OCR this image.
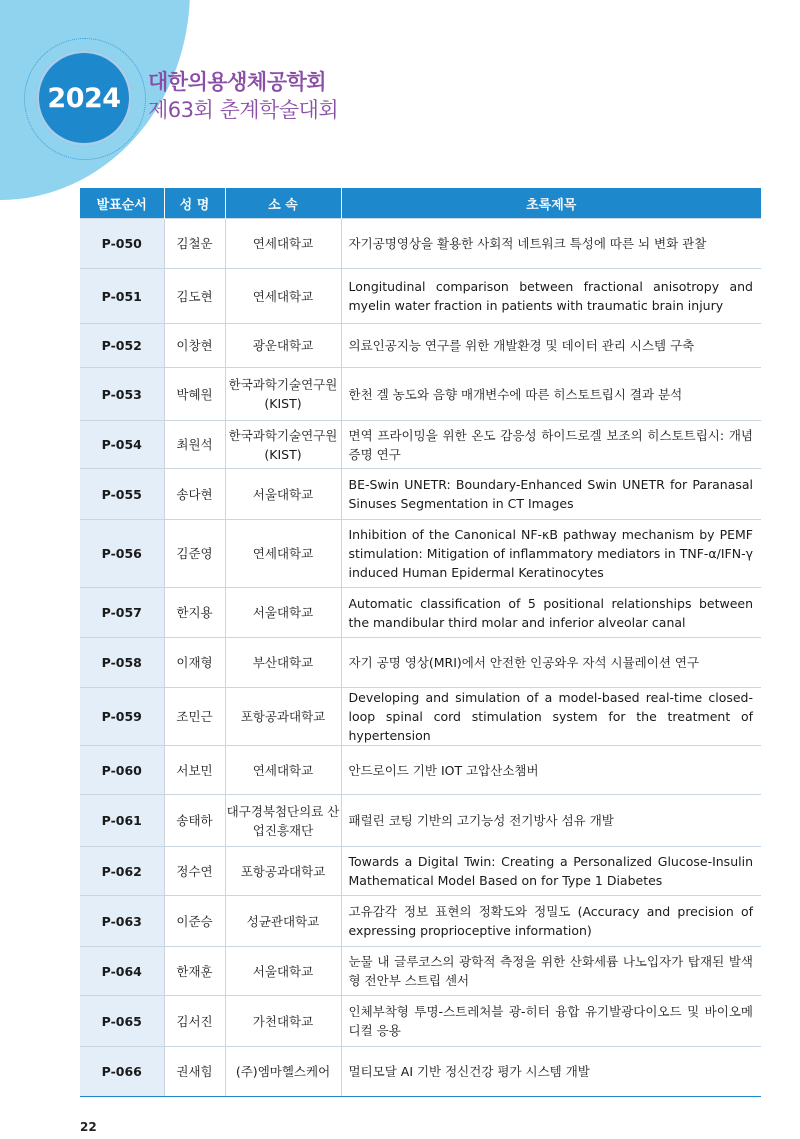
2024
대한의용생체공학회
제63회 춘계학술대회
발표순서	성 명	소 속	초록제목
P-050	김철운	연세대학교	자기공명영상을 활용한 사회적 네트워크 특성에 따른 뇌 변화 관찰
P-051	김도현	연세대학교	Longitudinal comparison between fractional anisotropy and myelin water fraction in patients with traumatic brain injury
P-052	이창현	광운대학교	의료인공지능 연구를 위한 개발환경 및 데이터 관리 시스템 구축
P-053	박혜원	한국과학기술연구원 (KIST)	한천 겔 농도와 음향 매개변수에 따른 히스토트립시 결과 분석
P-054	최원석	한국과학기술연구원 (KIST)	면역 프라이밍을 위한 온도 감응성 하이드로겔 보조의 히스토트립시: 개념증명 연구
P-055	송다현	서울대학교	BE-Swin UNETR: Boundary-Enhanced Swin UNETR for Paranasal Sinuses Segmentation in CT Images
P-056	김준영	연세대학교	Inhibition of the Canonical NF-κB pathway mechanism by PEMF stimulation: Mitigation of inflammatory mediators in TNF-α/IFN-γ induced Human Epidermal Keratinocytes
P-057	한지용	서울대학교	Automatic classification of 5 positional relationships between the mandibular third molar and inferior alveolar canal
P-058	이재형	부산대학교	자기 공명 영상(MRI)에서 안전한 인공와우 자석 시뮬레이션 연구
P-059	조민근	포항공과대학교	Developing and simulation of a model-based real-time closed-loop spinal cord stimulation system for the treatment of hypertension
P-060	서보민	연세대학교	안드로이드 기반 IOT 고압산소챔버
P-061	송태하	대구경북첨단의료 산업진흥재단	패럴린 코팅 기반의 고기능성 전기방사 섬유 개발
P-062	정수연	포항공과대학교	Towards a Digital Twin: Creating a Personalized Glucose-Insulin Mathematical Model Based on for Type 1 Diabetes
P-063	이준승	성균관대학교	고유감각 정보 표현의 정확도와 정밀도 (Accuracy and precision of expressing proprioceptive information)
P-064	한재훈	서울대학교	눈물 내 글루코스의 광학적 측정을 위한 산화세륨 나노입자가 탑재된 발색형 전안부 스트립 센서
P-065	김서진	가천대학교	인체부착형 투명-스트레처블 광-히터 융합 유기발광다이오드 및 바이오메디컬 응용
P-066	권새힘	(주)엠마헬스케어	멀티모달 AI 기반 정신건강 평가 시스템 개발
22
